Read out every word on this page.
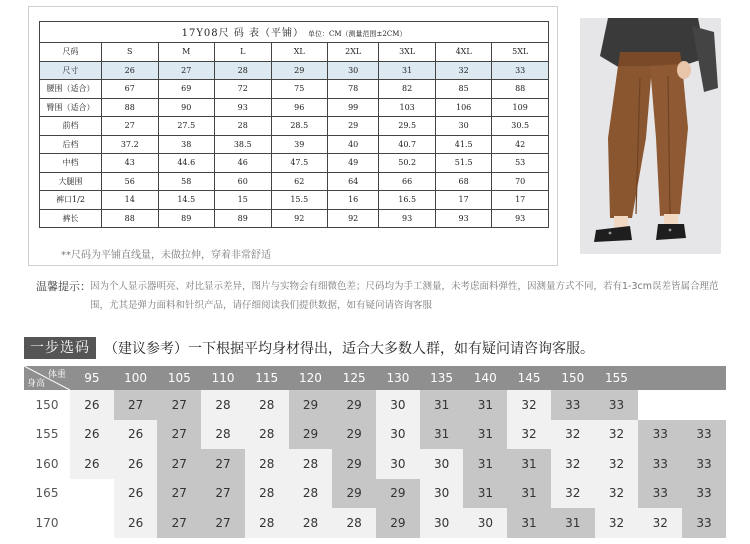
17Y08尺 码 表（平铺） 单位：CM（测量范围±2CM）
尺码	S	M	L	XL	2XL	3XL	4XL	5XL
尺寸	26	27	28	29	30	31	32	33
腰围（适合）	67	69	72	75	78	82	85	88
臀围（适合）	88	90	93	96	99	103	106	109
前档	27	27.5	28	28.5	29	29.5	30	30.5
后档	37.2	38	38.5	39	40	40.7	41.5	42
中档	43	44.6	46	47.5	49	50.2	51.5	53
大腿围	56	58	60	62	64	66	68	70
裤口1/2	14	14.5	15	15.5	16	16.5	17	17
裤长	88	89	89	92	92	93	93	93
**尺码为平铺直线量，未做拉伸，穿着非常舒适
温馨提示： 因为个人显示器明亮、对比显示差异，图片与实物会有细微色差；尺码均为手工测量，未考虑面料弹性，因测量方式不同，若有1-3cm误差皆属合理范围，尤其是弹力面料和针织产品，请仔细阅读我们提供数据，如有疑问请咨询客服
一步选码	（建议参考）一下根据平均身材得出，适合大多数人群，如有疑问请咨询客服。
体重
身高	95	100	105	110	115	120	125	130	135	140	145	150	155		
150	26	27	27	28	28	29	29	30	31	31	32	33	33		
155	26	26	27	28	28	29	29	30	31	31	32	32	32	33	33
160	26	26	27	27	28	28	29	30	30	31	31	32	32	33	33
165		26	27	27	28	28	29	29	30	31	31	32	32	33	33
170		26	27	27	28	28	28	29	30	30	31	31	32	32	33
